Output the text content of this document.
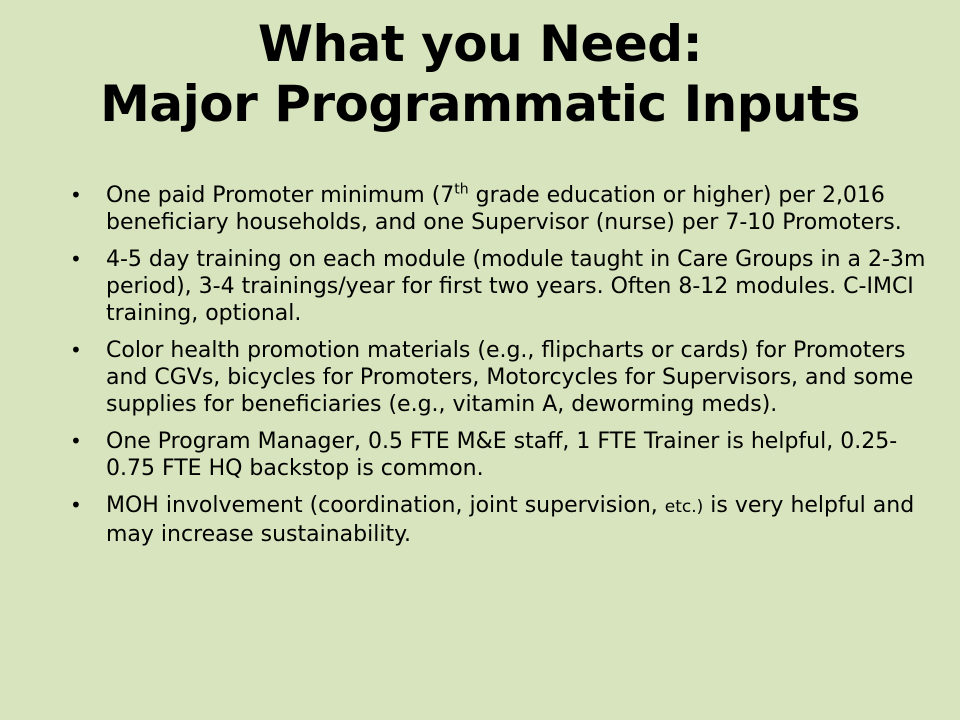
What you Need:
Major Programmatic Inputs
• One paid Promoter minimum (7th grade education or higher) per 2,016 beneficiary households, and one Supervisor (nurse) per 7-10 Promoters.
• 4-5 day training on each module (module taught in Care Groups in a 2-3m period), 3-4 trainings/year for first two years. Often 8-12 modules. C-IMCI training, optional.
• Color health promotion materials (e.g., flipcharts or cards) for Promoters and CGVs, bicycles for Promoters, Motorcycles for Supervisors, and some supplies for beneficiaries (e.g., vitamin A, deworming meds).
• One Program Manager, 0.5 FTE M&E staff, 1 FTE Trainer is helpful, 0.25-0.75 FTE HQ backstop is common.
• MOH involvement (coordination, joint supervision, etc.) is very helpful and may increase sustainability.
